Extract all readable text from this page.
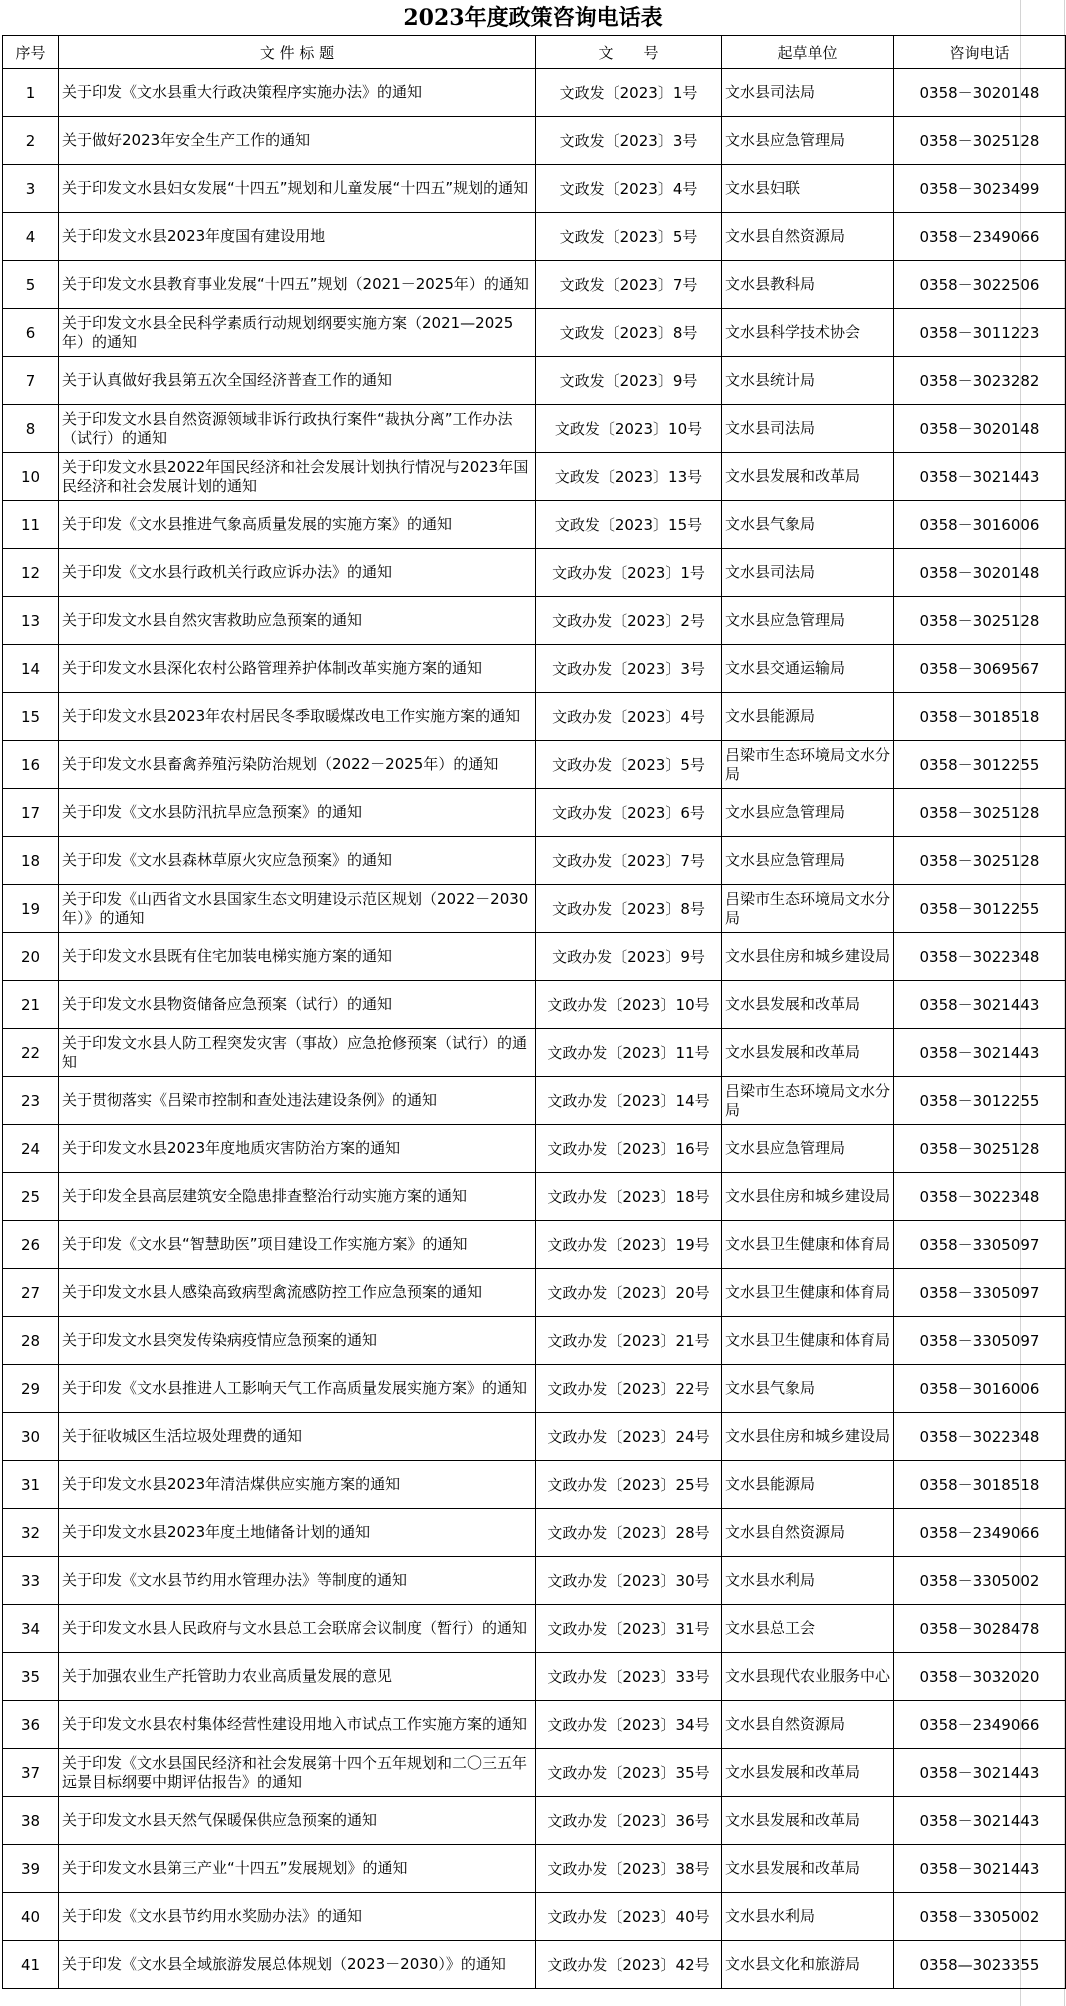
2023年度政策咨询电话表
序号	文 件 标 题	文　　号	起草单位	咨询电话
1	关于印发《文水县重大行政决策程序实施办法》的通知	文政发〔2023〕1号	文水县司法局	0358－3020148
2	关于做好2023年安全生产工作的通知	文政发〔2023〕3号	文水县应急管理局	0358－3025128
3	关于印发文水县妇女发展“十四五”规划和儿童发展“十四五”规划的通知	文政发〔2023〕4号	文水县妇联	0358－3023499
4	关于印发文水县2023年度国有建设用地	文政发〔2023〕5号	文水县自然资源局	0358－2349066
5	关于印发文水县教育事业发展“十四五”规划（2021－2025年）的通知	文政发〔2023〕7号	文水县教科局	0358－3022506
6	关于印发文水县全民科学素质行动规划纲要实施方案（2021—2025年）的通知	文政发〔2023〕8号	文水县科学技术协会	0358－3011223
7	关于认真做好我县第五次全国经济普查工作的通知	文政发〔2023〕9号	文水县统计局	0358－3023282
8	关于印发文水县自然资源领域非诉行政执行案件“裁执分离”工作办法（试行）的通知	文政发〔2023〕10号	文水县司法局	0358－3020148
10	关于印发文水县2022年国民经济和社会发展计划执行情况与2023年国民经济和社会发展计划的通知	文政发〔2023〕13号	文水县发展和改革局	0358－3021443
11	关于印发《文水县推进气象高质量发展的实施方案》的通知	文政发〔2023〕15号	文水县气象局	0358－3016006
12	关于印发《文水县行政机关行政应诉办法》的通知	文政办发〔2023〕1号	文水县司法局	0358－3020148
13	关于印发文水县自然灾害救助应急预案的通知	文政办发〔2023〕2号	文水县应急管理局	0358－3025128
14	关于印发文水县深化农村公路管理养护体制改革实施方案的通知	文政办发〔2023〕3号	文水县交通运输局	0358－3069567
15	关于印发文水县2023年农村居民冬季取暖煤改电工作实施方案的通知	文政办发〔2023〕4号	文水县能源局	0358－3018518
16	关于印发文水县畜禽养殖污染防治规划（2022－2025年）的通知	文政办发〔2023〕5号	吕梁市生态环境局文水分局	0358－3012255
17	关于印发《文水县防汛抗旱应急预案》的通知	文政办发〔2023〕6号	文水县应急管理局	0358－3025128
18	关于印发《文水县森林草原火灾应急预案》的通知	文政办发〔2023〕7号	文水县应急管理局	0358－3025128
19	关于印发《山西省文水县国家生态文明建设示范区规划（2022－2030年）》的通知	文政办发〔2023〕8号	吕梁市生态环境局文水分局	0358－3012255
20	关于印发文水县既有住宅加装电梯实施方案的通知	文政办发〔2023〕9号	文水县住房和城乡建设局	0358－3022348
21	关于印发文水县物资储备应急预案（试行）的通知	文政办发〔2023〕10号	文水县发展和改革局	0358－3021443
22	关于印发文水县人防工程突发灾害（事故）应急抢修预案（试行）的通知	文政办发〔2023〕11号	文水县发展和改革局	0358－3021443
23	关于贯彻落实《吕梁市控制和查处违法建设条例》的通知	文政办发〔2023〕14号	吕梁市生态环境局文水分局	0358－3012255
24	关于印发文水县2023年度地质灾害防治方案的通知	文政办发〔2023〕16号	文水县应急管理局	0358－3025128
25	关于印发全县高层建筑安全隐患排查整治行动实施方案的通知	文政办发〔2023〕18号	文水县住房和城乡建设局	0358－3022348
26	关于印发《文水县“智慧助医”项目建设工作实施方案》的通知	文政办发〔2023〕19号	文水县卫生健康和体育局	0358－3305097
27	关于印发文水县人感染高致病型禽流感防控工作应急预案的通知	文政办发〔2023〕20号	文水县卫生健康和体育局	0358－3305097
28	关于印发文水县突发传染病疫情应急预案的通知	文政办发〔2023〕21号	文水县卫生健康和体育局	0358－3305097
29	关于印发《文水县推进人工影响天气工作高质量发展实施方案》的通知	文政办发〔2023〕22号	文水县气象局	0358－3016006
30	关于征收城区生活垃圾处理费的通知	文政办发〔2023〕24号	文水县住房和城乡建设局	0358－3022348
31	关于印发文水县2023年清洁煤供应实施方案的通知	文政办发〔2023〕25号	文水县能源局	0358－3018518
32	关于印发文水县2023年度土地储备计划的通知	文政办发〔2023〕28号	文水县自然资源局	0358－2349066
33	关于印发《文水县节约用水管理办法》等制度的通知	文政办发〔2023〕30号	文水县水利局	0358－3305002
34	关于印发文水县人民政府与文水县总工会联席会议制度（暂行）的通知	文政办发〔2023〕31号	文水县总工会	0358－3028478
35	关于加强农业生产托管助力农业高质量发展的意见	文政办发〔2023〕33号	文水县现代农业服务中心	0358－3032020
36	关于印发文水县农村集体经营性建设用地入市试点工作实施方案的通知	文政办发〔2023〕34号	文水县自然资源局	0358－2349066
37	关于印发《文水县国民经济和社会发展第十四个五年规划和二〇三五年远景目标纲要中期评估报告》的通知	文政办发〔2023〕35号	文水县发展和改革局	0358－3021443
38	关于印发文水县天然气保暖保供应急预案的通知	文政办发〔2023〕36号	文水县发展和改革局	0358－3021443
39	关于印发文水县第三产业“十四五”发展规划》的通知	文政办发〔2023〕38号	文水县发展和改革局	0358－3021443
40	关于印发《文水县节约用水奖励办法》的通知	文政办发〔2023〕40号	文水县水利局	0358－3305002
41	关于印发《文水县全域旅游发展总体规划（2023－2030）》的通知	文政办发〔2023〕42号	文水县文化和旅游局	0358—3023355
